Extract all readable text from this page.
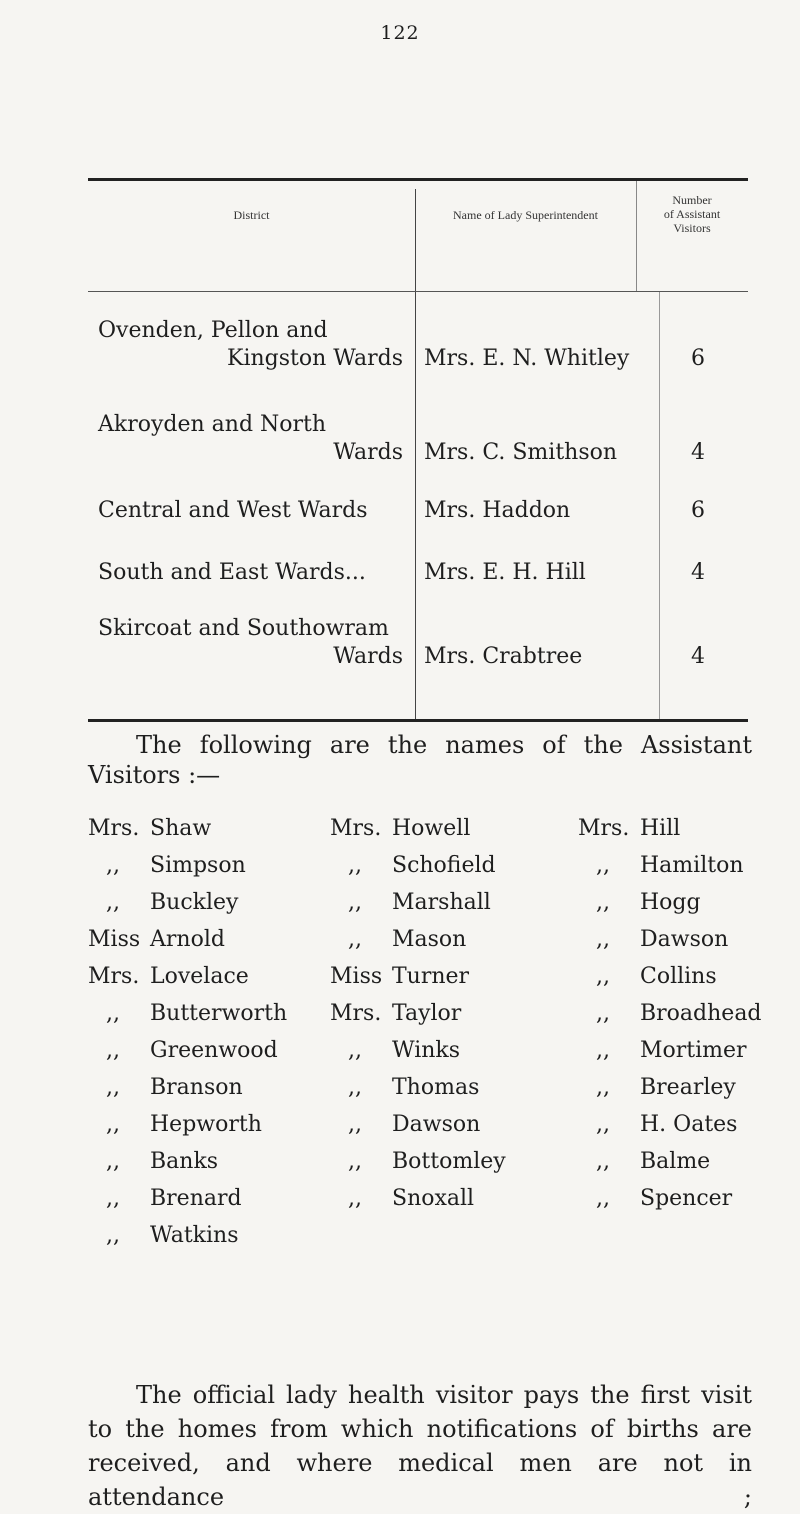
122
District	Name of Lady Superintendent
Number
of Assistant
Visitors
Ovenden, Pellon and
Kingston Wards Mrs. E. N. Whitley	6
Akroyden and North
Wards Mrs. C. Smithson	4
Central and West Wards	Mrs. Haddon	6
South and East Wards...	Mrs. E. H. Hill	4
Skircoat and Southowram
Wards Mrs. Crabtree	4
The following are the names of the Assistant
Visitors :—
Mrs. Shaw	Mrs. Howell	Mrs. Hill
,, Simpson	,, Schofield	,, Hamilton
,, Buckley	,, Marshall	,, Hogg
Miss Arnold	,, Mason	,, Dawson
Mrs. Lovelace	Miss Turner	,, Collins
,, Butterworth Mrs. Taylor	,, Broadhead
,, Greenwood	,, Winks	,, Mortimer
,, Branson	,, Thomas	,, Brearley
,, Hepworth	,, Dawson	,, H. Oates
,, Banks	,, Bottomley	,, Balme
,, Brenard	,, Snoxall	,, Spencer
,, Watkins
The official lady health visitor pays the first visit
to the homes from which notifications of births are
received, and where medical men are not in attendance ;
